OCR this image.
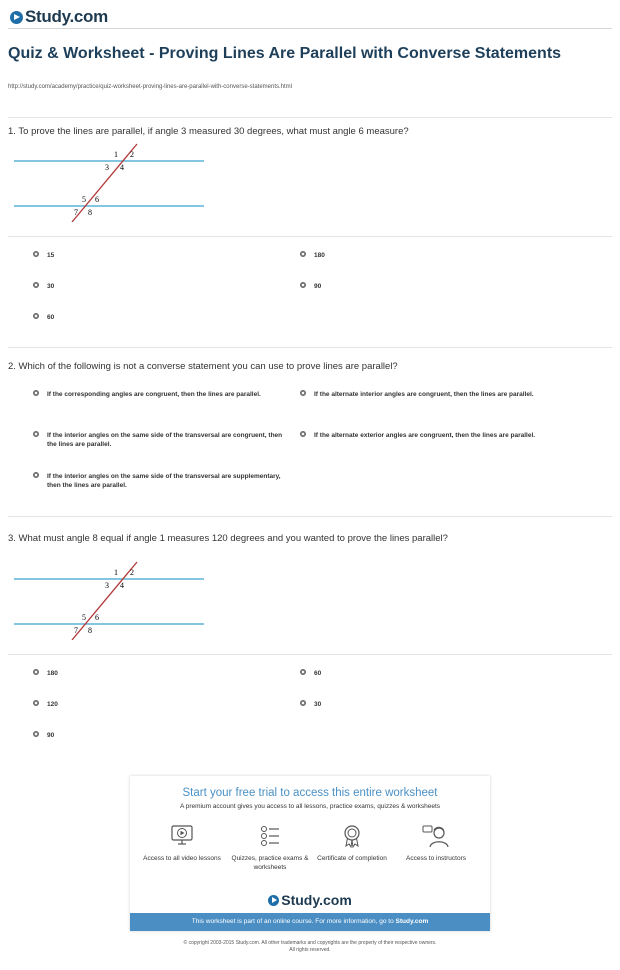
Study.com
Quiz & Worksheet - Proving Lines Are Parallel with Converse Statements
http://study.com/academy/practice/quiz-worksheet-proving-lines-are-parallel-with-converse-statements.html
1. To prove the lines are parallel, if angle 3 measured 30 degrees, what must angle 6 measure?
1 2
3 4
5 6
7 8
15	180
30	90
60
2. Which of the following is not a converse statement you can use to prove lines are parallel?
If the corresponding angles are congruent, then the lines are parallel.	If the alternate interior angles are congruent, then the lines are parallel.
If the interior angles on the same side of the transversal are congruent, then the lines are parallel.
If the alternate exterior angles are congruent, then the lines are parallel.
If the interior angles on the same side of the transversal are supplementary, then the lines are parallel.
3. What must angle 8 equal if angle 1 measures 120 degrees and you wanted to prove the lines parallel?
1 2
3 4
5 6
7 8
180	60
120	30
90
Start your free trial to access this entire worksheet
A premium account gives you access to all lessons, practice exams, quizzes & worksheets
Access to all video lessons Quizzes, practice exams & worksheets
Certificate of completion	Access to instructors
Study.com
This worksheet is part of an online course. For more information, go to Study.com
© copyright 2003-2015 Study.com. All other trademarks and copyrights are the property of their respective owners.
All rights reserved.
